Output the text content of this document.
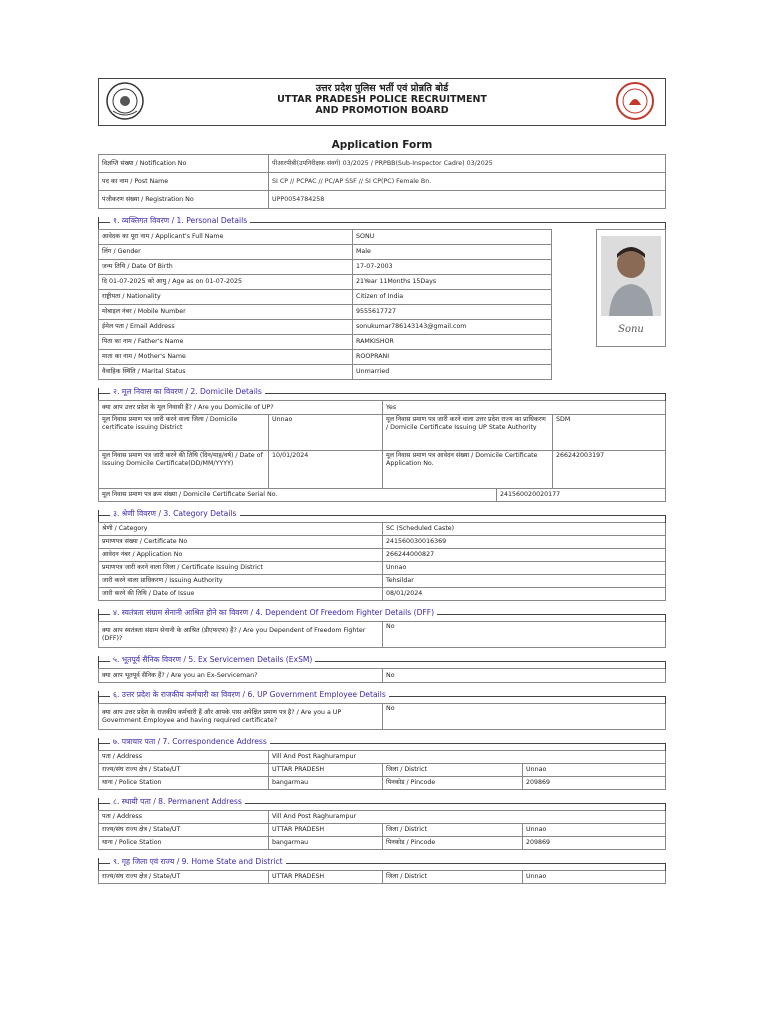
उत्तर प्रदेश पुलिस भर्ती एवं प्रोन्नति बोर्ड
UTTAR PRADESH POLICE RECRUITMENT
AND PROMOTION BOARD
Application Form
विज्ञप्ति संख्या / Notification No	पीआरपीबी(उपनिरीक्षक संवर्ग) 03/2025 / PRPBB(Sub-Inspector Cadre) 03/2025
पद का नाम / Post Name	SI CP // PCPAC // PC/AP SSF // SI CP(PC) Female Bn.
पंजीकरण संख्या / Registration No	UPP0054784258
१. व्यक्तिगत विवरण / 1. Personal Details
आवेदक का पूरा नाम / Applicant's Full Name	SONU
लिंग / Gender	Male
जन्म तिथि / Date Of Birth	17-07-2003
दि 01-07-2025 को आयु / Age as on 01-07-2025	21Year 11Months 15Days
राष्ट्रीयता / Nationality	Citizen of India
मोबाइल नंबर / Mobile Number	9555617727
ईमेल पता / Email Address	sonukumar786143143@gmail.com
पिता का नाम / Father's Name	RAMKISHOR
माता का नाम / Mother's Name	ROOPRANI
वैवाहिक स्थिति / Marital Status	Unmarried
Sonu
२. मूल निवास का विवरण / 2. Domicile Details
क्या आप उत्तर प्रदेश के मूल निवासी हैं? / Are you Domicile of UP?		Yes		
मूल निवास प्रमाण पत्र जारी करने वाला जिला / Domicile certificate issuing District	Unnao	मूल निवास प्रमाण पत्र जारी करने वाला उत्तर प्रदेश राज्य का प्राधिकरण / Domicile Certificate Issuing UP State Authority		SDM
मूल निवास प्रमाण पत्र जारी करने की तिथि (दिन/माह/वर्ष) / Date of Issuing Domicile Certificate(DD/MM/YYYY)	10/01/2024	मूल निवास प्रमाण पत्र आवेदन संख्या / Domicile Certificate Application No.		266242003197
मूल निवास प्रमाण पत्र क्रम संख्या / Domicile Certificate Serial No.			241560020020177	
३. श्रेणी विवरण / 3. Category Details
श्रेणी / Category	SC (Scheduled Caste)
प्रमाणपत्र संख्या / Certificate No	241560030016369
आवेदन नंबर / Application No	266244000827
प्रमाणपत्र जारी करने वाला जिला / Certificate Issuing District	Unnao
जारी करने वाला प्राधिकरण / Issuing Authority	Tehsildar
जारी करने की तिथि / Date of Issue	08/01/2024
४. स्वतंत्रता संग्राम सेनानी आश्रित होने का विवरण / 4. Dependent Of Freedom Fighter Details (DFF)
क्या आप स्वतंत्रता संग्राम सेनानी के आश्रित (डीएफएफ) हैं? / Are you Dependent of Freedom Fighter (DFF)?	No
५. भूतपूर्व सैनिक विवरण / 5. Ex Servicemen Details (ExSM)
क्या आप भूतपूर्व सैनिक हैं? / Are you an Ex-Serviceman?	No
६. उत्तर प्रदेश के राजकीय कर्मचारी का विवरण / 6. UP Government Employee Details
क्या आप उत्तर प्रदेश के राजकीय कर्मचारी हैं और आपके पास अपेक्षित प्रमाण पत्र है? / Are you a UP Government Employee and having required certificate?	No
७. पत्राचार पता / 7. Correspondence Address
पता / Address	Vill And Post Raghurampur		
राज्य/संघ राज्य क्षेत्र / State/UT	UTTAR PRADESH	जिला / District	Unnao
थाना / Police Station	bangarmau	पिनकोड / Pincode	209869
८. स्थायी पता / 8. Permanent Address
पता / Address	Vill And Post Raghurampur		
राज्य/संघ राज्य क्षेत्र / State/UT	UTTAR PRADESH	जिला / District	Unnao
थाना / Police Station	bangarmau	पिनकोड / Pincode	209869
९. गृह जिला एवं राज्य / 9. Home State and District
राज्य/संघ राज्य क्षेत्र / State/UT	UTTAR PRADESH	जिला / District	Unnao
